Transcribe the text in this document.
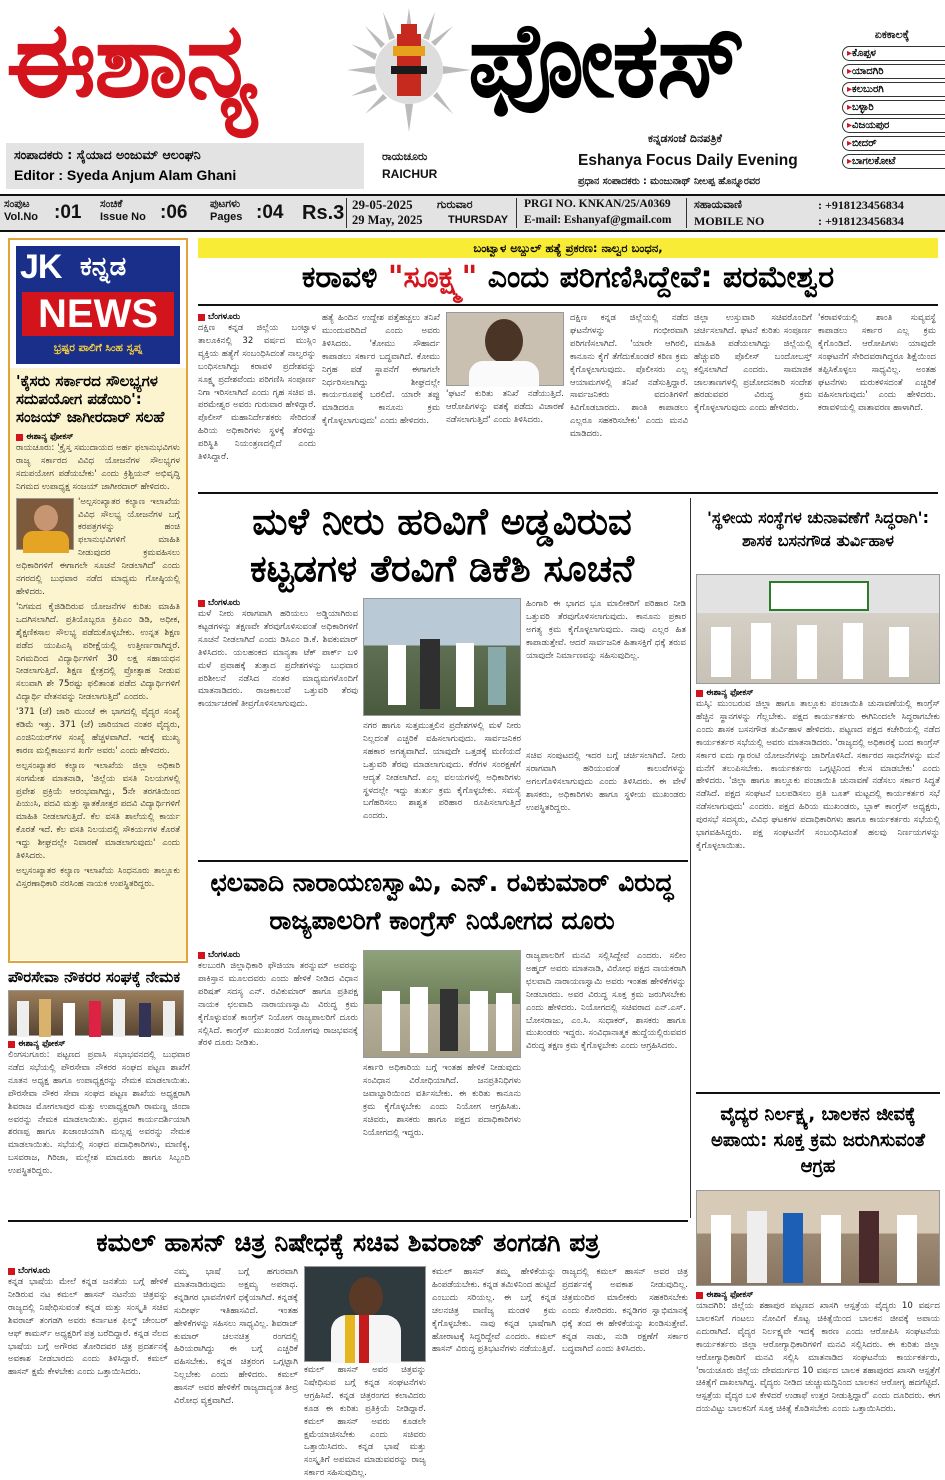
ಈಶಾನ್ಯ ಫೋಕಸ್	ಏಕಕಾಲಕ್ಕೆ
▸ ಕೊಪ್ಪಳ
▸ ಯಾದಗಿರಿ
▸ ಕಲಬುರಗಿ
▸ ಬಳ್ಳಾರಿ
▸ ವಿಜಯಪುರ
▸ ಬೀದರ್
▸ ಬಾಗಲಕೋಟೆ
ಸಂಪಾದಕರು : ಸೈಯಾದ ಅಂಜುಮ್ ಆಲಂಘನಿ
Editor : Syeda Anjum Alam Ghani
ರಾಯಚೂರು
RAICHUR
ಕನ್ನಡಸಂಜೆ ದಿನಪತ್ರಿಕೆ
Eshanya Focus Daily Evening
ಪ್ರಧಾನ ಸಂಪಾದಕರು : ಮಂಜುನಾಥ್ ನೀಲಪ್ಪ ಹೊನ್ನೂರವರ
ಸಂಪುಟ
Vol.No :01 ಸಂಚಿಕೆ
Issue No :06 ಪುಟಗಳು
Pages :04 Rs.3 29-05-2025 ಗುರುವಾರ
29 May, 2025 THURSDAY
PRGI NO. KNKAN/25/A0369
E-mail: Eshanyaf@gmail.com
ಸಹಾಯವಾಣಿ	: +918123456834
MOBILE NO	: +918123456834
JK ಕನ್ನಡ
NEWS
ಭ್ರಷ್ಟರ ಪಾಲಿಗೆ ಸಿಂಹ ಸ್ವಪ್ನ
'ಕೈಸರು ಸರ್ಕಾರದ ಸೌಲಭ್ಯಗಳ ಸದುಪಯೋಗ ಪಡೆಯಿರಿ': ಸಂಜಯ್ ಜಾಗೀರದಾರ್ ಸಲಹೆ
ಈಶಾನ್ಯ ಫೋಕಸ್

ರಾಯಚೂರು: 'ಕ್ರೈಸ್ತ ಸಮುದಾಯದ ಅರ್ಹ ಫಲಾನುಭವಿಗಳು ರಾಜ್ಯ ಸರ್ಕಾರದ ವಿವಿಧ ಯೋಜನೆಗಳ ಸೌಲಭ್ಯಗಳ ಸದುಪಯೋಗ ಪಡೆಯಬೇಕು' ಎಂದು ಕ್ರಿಶ್ಚಿಯನ್ ಅಭಿವೃದ್ಧಿ ನಿಗಮದ ಉಪಾಧ್ಯಕ್ಷ ಸಂಜಯ್ ಜಾಗೀರದಾರ್ ಹೇಳಿದರು.

'ಅಲ್ಪಸಂಖ್ಯಾತರ ಕಲ್ಯಾಣ ಇಲಾಖೆಯ ವಿವಿಧ ಸೌಲಭ್ಯ ಯೋಜನೆಗಳ ಬಗ್ಗೆ ಕರಪತ್ರಗಳನ್ನು ಹಂಚಿ ಫಲಾನುಭವಿಗಳಿಗೆ ಮಾಹಿತಿ ನೀಡುವುದರ ಕ್ರಮವಹಿಸಲು ಅಧಿಕಾರಿಗಳಿಗೆ ಈಗಾಗಲೇ ಸೂಚನೆ ನೀಡಲಾಗಿದೆ' ಎಂದು ನಗರದಲ್ಲಿ ಬುಧವಾರ ನಡೆದ ಮಾಧ್ಯಮ ಗೋಷ್ಠಿಯಲ್ಲಿ ಹೇಳಿದರು.

'ನಿಗಮದ ಕೈಜಿಡಿದಿರುವ ಯೋಜನೆಗಳ ಕುರಿತು ಮಾಹಿತಿ ಒದಗಿಸಲಾಗಿದೆ. ಪ್ರತಿಯೊಬ್ಬರೂ ಕ್ರಿಪಿಎಂ ಡಿಡಿ, ಅಧೀಕ, ಶೈಕ್ಷಣಿಕಸಾಲ ಸೌಲಭ್ಯ ಪಡೆದುಕೊಳ್ಳಬೇಕು. ಉನ್ನತ ಶಿಕ್ಷಣ ಪಡೆದ ಯುಪಿಎಸ್ಸಿ ಪರೀಕ್ಷೆಯಲ್ಲಿ ಉತ್ತೀರ್ಣರಾಗಿದ್ದರೆ. ನಿಗಮದಿಂದ ವಿದ್ಯಾರ್ಥಿಗಳಿಗೆ 30 ಲಕ್ಷ ಸಹಾಯಧನ ನೀಡಲಾಗುತ್ತಿದೆ. ಶಿಕ್ಷಣ ಕ್ಷೇತ್ರದಲ್ಲಿ ಪ್ರೋತ್ಸಾಹ ನೀಡುವ ಸಲುವಾಗಿ ಶೇ 75ರಷ್ಟು ಫಲಿತಾಂಶ ಪಡೆದ ವಿದ್ಯಾರ್ಥಿಗಳಿಗೆ ವಿದ್ಯಾರ್ಥಿ ವೇತನವನ್ನು ನೀಡಲಾಗುತ್ತಿದೆ' ಎಂದರು.

'371 (ಜೆ) ಜಾರಿ ಮುಂಚೆ ಈ ಭಾಗದಲ್ಲಿ ವೈದ್ಯರ ಸಂಖ್ಯೆ ಕಡಿಮೆ ಇತ್ತು. 371 (ಜೆ) ಜಾರಿಯಾದ ನಂತರ ವೈದ್ಯರು, ಎಂಜಿನಿಯರ್‌ಗಳ ಸಂಖ್ಯೆ ಹೆಚ್ಚಳವಾಗಿದೆ. ಇದಕ್ಕೆ ಮುಖ್ಯ ಕಾರಣ ಮಲ್ಲಿಕಾರ್ಜುನ ಖರ್ಗೆ ಅವರು' ಎಂದು ಹೇಳಿದರು.

ಅಲ್ಪಸಂಖ್ಯಾತರ ಕಲ್ಯಾಣ ಇಲಾಖೆಯ ಜಿಲ್ಲಾ ಅಧಿಕಾರಿ ಸಂಗಮೇಶ ಮಾತನಾಡಿ, 'ಜಿಲ್ಲೆಯ ವಸತಿ ನಿಲಯಗಳಲ್ಲಿ ಪ್ರವೇಶ ಪ್ರಕ್ರಿಯೆ ಆರಂಭವಾಗಿದ್ದು, 5ನೇ ತರಗತಿಯಿಂದ ಪಿಯುಸಿ, ಪದವಿ ಮತ್ತು ಸ್ನಾತಕೋತ್ತರ ಪದವಿ ವಿದ್ಯಾರ್ಥಿಗಳಿಗೆ ಮಾಹಿತಿ ನೀಡಲಾಗುತ್ತಿದೆ. ಕೆಲ ವಸತಿ ಶಾಲೆಯಲ್ಲಿ ಕಾರ್ಯ ಕೊರತೆ ಇದೆ. ಕೆಲ ವಸತಿ ನಿಲಯದಲ್ಲಿ ಸೌಕರ್ಯಗಳ ಕೊರತೆ ಇದ್ದು ಶೀಘ್ರದಲ್ಲೇ ನಿವಾರಣೆ ಮಾಡಲಾಗುವುದು' ಎಂದು ತಿಳಿಸಿದರು.

ಅಲ್ಪಸಂಖ್ಯಾತರ ಕಲ್ಯಾಣ ಇಲಾಖೆಯ ಸಿಂಧನೂರು ತಾಲ್ಲೂಕು ವಿಸ್ತರಣಾಧಿಕಾರಿ ನರಸಿಂಹ ನಾಯಕ ಉಪಸ್ಥಿತರಿದ್ದರು.

ಪೌರಸೇವಾ ನೌಕರರ ಸಂಘಕ್ಕೆ ನೇಮಕ
ಈಶಾನ್ಯ ಫೋಕಸ್

ಲಿಂಗಸುಗೂರು: ಪಟ್ಟಣದ ಪ್ರವಾಸಿ ಸಭಾಭವನದಲ್ಲಿ ಬುಧವಾರ ನಡೆದ ಸಭೆಯಲ್ಲಿ ಪೌರಸೇವಾ ನೌಕರರ ಸಂಘದ ಪಟ್ಟಣ ಶಾಖೆಗೆ ನೂತನ ಅಧ್ಯಕ್ಷ ಹಾಗೂ ಉಪಾಧ್ಯಕ್ಷರನ್ನು ನೇಮಕ ಮಾಡಲಾಯಿತು. ಪೌರಸೇವಾ ನೌಕರ ಸೇವಾ ಸಂಘದ ಪಟ್ಟಣ ಶಾಖೆಯ ಅಧ್ಯಕ್ಷರಾಗಿ ಶಿವರಾಜ ಮೋಗಲಾಪುರ ಮತ್ತು ಉಪಾಧ್ಯಕ್ಷರಾಗಿ ರಾಮಣ್ಣ ಜಿಂದಾ ಅವರನ್ನು ನೇಮಕ ಮಾಡಲಾಯಿತು. ಪ್ರಧಾನ ಕಾರ್ಯದರ್ಶಿಯಾಗಿ ಶರಣಪ್ಪ ಹಾಗೂ ಖಜಾಂಚಿಯಾಗಿ ಮಲ್ಲಪ್ಪ ಅವರನ್ನು ನೇಮಕ ಮಾಡಲಾಯಿತು. ಸಭೆಯಲ್ಲಿ ಸಂಘದ ಪದಾಧಿಕಾರಿಗಳು, ಮಾಣಿಕ್ಯ, ಬಸವರಾಜ, ಗಿರಿಜಾ, ಮಲ್ಲೇಶ ಮಾದೂರು ಹಾಗೂ ಸಿಬ್ಬಂದಿ ಉಪಸ್ಥಿತರಿದ್ದರು.

ಬಂಟ್ವಾಳ ಅಬ್ದುಲ್ ಹತ್ಯೆ ಪ್ರಕರಣ: ನಾಲ್ವರ ಬಂಧನ,
ಕರಾವಳಿ "ಸೂಕ್ಷ್ಮ" ಎಂದು ಪರಿಗಣಿಸಿದ್ದೇವೆ: ಪರಮೇಶ್ವರ
ಬೆಂಗಳೂರು

ದಕ್ಷಿಣ ಕನ್ನಡ ಜಿಲ್ಲೆಯ ಬಂಟ್ವಾಳ ತಾಲೂಕಿನಲ್ಲಿ 32 ವರ್ಷದ ಮುಸ್ಲಿಂ ವ್ಯಕ್ತಿಯ ಹತ್ಯೆಗೆ ಸಂಬಂಧಿಸಿದಂತೆ ನಾಲ್ವರನ್ನು ಬಂಧಿಸಲಾಗಿದ್ದು ಕರಾವಳಿ ಪ್ರದೇಶವನ್ನು ಸೂಕ್ಷ್ಮ ಪ್ರದೇಶವೆಂದು ಪರಿಗಣಿಸಿ ಸಂಪೂರ್ಣ ನಿಗಾ ಇರಿಸಲಾಗಿದೆ ಎಂದು ಗೃಹ ಸಚಿವ ಜಿ. ಪರಮೇಶ್ವರ ಅವರು ಗುರುವಾರ ಹೇಳಿದ್ದಾರೆ. ಪೊಲೀಸ್ ಮಹಾನಿರ್ದೇಶಕರು ಸೇರಿದಂತೆ ಹಿರಿಯ ಅಧಿಕಾರಿಗಳು ಸ್ಥಳಕ್ಕೆ ತೆರಳಿದ್ದು ಪರಿಸ್ಥಿತಿ ನಿಯಂತ್ರಣದಲ್ಲಿದೆ ಎಂದು ತಿಳಿಸಿದ್ದಾರೆ.

ಹತ್ಯೆ ಹಿಂದಿನ ಉದ್ದೇಶ ಪತ್ತೆಹಚ್ಚಲು ತನಿಖೆ ಮುಂದುವರಿದಿದೆ ಎಂದು ಅವರು ತಿಳಿಸಿದರು. 'ಕೋಮು ಸೌಹಾರ್ದ ಕಾಪಾಡಲು ಸರ್ಕಾರ ಬದ್ಧವಾಗಿದೆ. ಕೋಮು ನಿಗ್ರಹ ಪಡೆ ಸ್ಥಾಪನೆಗೆ ಈಗಾಗಲೇ ನಿರ್ಧರಿಸಲಾಗಿದ್ದು ಶೀಘ್ರದಲ್ಲೇ ಕಾರ್ಯರೂಪಕ್ಕೆ ಬರಲಿದೆ. ಯಾರೇ ತಪ್ಪು ಮಾಡಿದರೂ ಕಾನೂನು ಕ್ರಮ ಕೈಗೊಳ್ಳಲಾಗುವುದು' ಎಂದು ಹೇಳಿದರು.

'ಘಟನೆ ಕುರಿತು ತನಿಖೆ ನಡೆಯುತ್ತಿದೆ. ಆರೋಪಿಗಳನ್ನು ವಶಕ್ಕೆ ಪಡೆದು ವಿಚಾರಣೆ ನಡೆಸಲಾಗುತ್ತಿದೆ' ಎಂದು ತಿಳಿಸಿದರು.

ದಕ್ಷಿಣ ಕನ್ನಡ ಜಿಲ್ಲೆಯಲ್ಲಿ ನಡೆದ ಘಟನೆಗಳನ್ನು ಗಂಭೀರವಾಗಿ ಪರಿಗಣಿಸಲಾಗಿದೆ. 'ಯಾರೇ ಆಗಿರಲಿ, ಕಾನೂನು ಕೈಗೆ ತೆಗೆದುಕೊಂಡರೆ ಕಠಿಣ ಕ್ರಮ ಕೈಗೊಳ್ಳಲಾಗುವುದು. ಪೊಲೀಸರು ಎಲ್ಲ ಆಯಾಮಗಳಲ್ಲಿ ತನಿಖೆ ನಡೆಸುತ್ತಿದ್ದಾರೆ. ಸಾರ್ವಜನಿಕರು ವದಂತಿಗಳಿಗೆ ಕಿವಿಗೊಡಬಾರದು. ಶಾಂತಿ ಕಾಪಾಡಲು ಎಲ್ಲರೂ ಸಹಕರಿಸಬೇಕು' ಎಂದು ಮನವಿ ಮಾಡಿದರು.

ಜಿಲ್ಲಾ ಉಸ್ತುವಾರಿ ಸಚಿವರೊಂದಿಗೆ ಚರ್ಚಿಸಲಾಗಿದೆ. ಘಟನೆ ಕುರಿತು ಸಂಪೂರ್ಣ ಮಾಹಿತಿ ಪಡೆಯಲಾಗಿದ್ದು ಜಿಲ್ಲೆಯಲ್ಲಿ ಹೆಚ್ಚುವರಿ ಪೊಲೀಸ್ ಬಂದೋಬಸ್ತ್ ಕಲ್ಪಿಸಲಾಗಿದೆ ಎಂದರು. ಸಾಮಾಜಿಕ ಜಾಲತಾಣಗಳಲ್ಲಿ ಪ್ರಚೋದನಕಾರಿ ಸಂದೇಶ ಹರಡುವವರ ವಿರುದ್ಧ ಕ್ರಮ ಕೈಗೊಳ್ಳಲಾಗುವುದು ಎಂದು ಹೇಳಿದರು.

'ಕರಾವಳಿಯಲ್ಲಿ ಶಾಂತಿ ಸುವ್ಯವಸ್ಥೆ ಕಾಪಾಡಲು ಸರ್ಕಾರ ಎಲ್ಲ ಕ್ರಮ ಕೈಗೊಂಡಿದೆ. ಆರೋಪಿಗಳು ಯಾವುದೇ ಸಂಘಟನೆಗೆ ಸೇರಿದವರಾಗಿದ್ದರೂ ಶಿಕ್ಷೆಯಿಂದ ತಪ್ಪಿಸಿಕೊಳ್ಳಲು ಸಾಧ್ಯವಿಲ್ಲ. ಅಂತಹ ಘಟನೆಗಳು ಮರುಕಳಿಸದಂತೆ ಎಚ್ಚರಿಕೆ ವಹಿಸಲಾಗುವುದು' ಎಂದು ಹೇಳಿದರು. ಕರಾವಳಿಯಲ್ಲಿ ವಾತಾವರಣ ಹಾಳಾಗಿದೆ.

ಮಳೆ ನೀರು ಹರಿವಿಗೆ ಅಡ್ಡವಿರುವ ಕಟ್ಟಡಗಳ ತೆರವಿಗೆ ಡಿಕೆಶಿ ಸೂಚನೆ
ಬೆಂಗಳೂರು

ಮಳೆ ನೀರು ಸರಾಗವಾಗಿ ಹರಿಯಲು ಅಡ್ಡಿಯಾಗಿರುವ ಕಟ್ಟಡಗಳನ್ನು ತಕ್ಷಣವೇ ತೆರವುಗೊಳಿಸುವಂತೆ ಅಧಿಕಾರಿಗಳಿಗೆ ಸೂಚನೆ ನೀಡಲಾಗಿದೆ ಎಂದು ಡಿಸಿಎಂ ಡಿ.ಕೆ. ಶಿವಕುಮಾರ್ ತಿಳಿಸಿದರು. ಯಲಹಂಕದ ಮಾನ್ಯತಾ ಟೆಕ್ ಪಾರ್ಕ್ ಬಳಿ ಮಳೆ ಪ್ರವಾಹಕ್ಕೆ ತುತ್ತಾದ ಪ್ರದೇಶಗಳನ್ನು ಬುಧವಾರ ಪರಿಶೀಲನೆ ನಡೆಸಿದ ನಂತರ ಮಾಧ್ಯಮಗಳೊಂದಿಗೆ ಮಾತನಾಡಿದರು. ರಾಜಕಾಲುವೆ ಒತ್ತುವರಿ ತೆರವು ಕಾರ್ಯಾಚರಣೆ ತೀವ್ರಗೊಳಿಸಲಾಗುವುದು.

ನಗರ ಹಾಗೂ ಸುತ್ತಮುತ್ತಲಿನ ಪ್ರದೇಶಗಳಲ್ಲಿ ಮಳೆ ನೀರು ನಿಲ್ಲದಂತೆ ಎಚ್ಚರಿಕೆ ವಹಿಸಲಾಗುವುದು. ಸಾರ್ವಜನಿಕರ ಸಹಕಾರ ಅಗತ್ಯವಾಗಿದೆ. ಯಾವುದೇ ಒತ್ತಡಕ್ಕೆ ಮಣಿಯದೆ ಒತ್ತುವರಿ ತೆರವು ಮಾಡಲಾಗುವುದು. ಕೆರೆಗಳ ಸಂರಕ್ಷಣೆಗೆ ಆದ್ಯತೆ ನೀಡಲಾಗಿದೆ. ಎಲ್ಲ ವಲಯಗಳಲ್ಲಿ ಅಧಿಕಾರಿಗಳು ಸ್ಥಳದಲ್ಲೇ ಇದ್ದು ತುರ್ತು ಕ್ರಮ ಕೈಗೊಳ್ಳಬೇಕು. ಸಮಸ್ಯೆ ಬಗೆಹರಿಸಲು ಶಾಶ್ವತ ಪರಿಹಾರ ರೂಪಿಸಲಾಗುತ್ತಿದೆ ಎಂದರು.

ಹಿಂಗಾರಿ ಈ ಭಾಗದ ಭೂ ಮಾಲೀಕರಿಗೆ ಪರಿಹಾರ ನೀಡಿ ಒತ್ತುವರಿ ತೆರವುಗೊಳಿಸಲಾಗುವುದು. ಕಾನೂನು ಪ್ರಕಾರ ಅಗತ್ಯ ಕ್ರಮ ಕೈಗೊಳ್ಳಲಾಗುವುದು. ನಾವು ಎಲ್ಲರ ಹಿತ ಕಾಪಾಡುತ್ತೇವೆ. ಆದರೆ ಸಾರ್ವಜನಿಕ ಹಿತಾಸಕ್ತಿಗೆ ಧಕ್ಕೆ ತರುವ ಯಾವುದೇ ನಿರ್ಮಾಣವನ್ನು ಸಹಿಸುವುದಿಲ್ಲ.

ಸಚಿವ ಸಂಪುಟದಲ್ಲಿ ಇದರ ಬಗ್ಗೆ ಚರ್ಚಿಸಲಾಗಿದೆ. ನೀರು ಸರಾಗವಾಗಿ ಹರಿಯುವಂತೆ ಕಾಲುವೆಗಳನ್ನು ಅಗಲಗೊಳಿಸಲಾಗುವುದು ಎಂದು ತಿಳಿಸಿದರು. ಈ ವೇಳೆ ಶಾಸಕರು, ಅಧಿಕಾರಿಗಳು ಹಾಗೂ ಸ್ಥಳೀಯ ಮುಖಂಡರು ಉಪಸ್ಥಿತರಿದ್ದರು.

'ಸ್ಥಳೀಯ ಸಂಸ್ಥೆಗಳ ಚುನಾವಣೆಗೆ ಸಿದ್ಧರಾಗಿ': ಶಾಸಕ ಬಸನಗೌಡ ತುರ್ವಿಹಾಳ
ಈಶಾನ್ಯ ಫೋಕಸ್

ಮಸ್ಕಿ: ಮುಂಬರುವ ಜಿಲ್ಲಾ ಹಾಗೂ ತಾಲ್ಲೂಕು ಪಂಚಾಯಿತಿ ಚುನಾವಣೆಯಲ್ಲಿ ಕಾಂಗ್ರೆಸ್ ಹೆಚ್ಚಿನ ಸ್ಥಾನಗಳನ್ನು ಗೆಲ್ಲಬೇಕು. ಪಕ್ಷದ ಕಾರ್ಯಕರ್ತರು ಈಗಿನಿಂದಲೇ ಸಿದ್ಧರಾಗಬೇಕು ಎಂದು ಶಾಸಕ ಬಸನಗೌಡ ತುರ್ವಿಹಾಳ ಹೇಳಿದರು. ಪಟ್ಟಣದ ಪಕ್ಷದ ಕಚೇರಿಯಲ್ಲಿ ನಡೆದ ಕಾರ್ಯಕರ್ತರ ಸಭೆಯಲ್ಲಿ ಅವರು ಮಾತನಾಡಿದರು. 'ರಾಜ್ಯದಲ್ಲಿ ಅಧಿಕಾರಕ್ಕೆ ಬಂದ ಕಾಂಗ್ರೆಸ್ ಸರ್ಕಾರ ಐದು ಗ್ಯಾರಂಟಿ ಯೋಜನೆಗಳನ್ನು ಜಾರಿಗೊಳಿಸಿದೆ. ಸರ್ಕಾರದ ಸಾಧನೆಗಳನ್ನು ಮನೆ ಮನೆಗೆ ತಲುಪಿಸಬೇಕು. ಕಾರ್ಯಕರ್ತರು ಒಗ್ಗಟ್ಟಿನಿಂದ ಕೆಲಸ ಮಾಡಬೇಕು' ಎಂದು ಹೇಳಿದರು. 'ಜಿಲ್ಲಾ ಹಾಗೂ ತಾಲ್ಲೂಕು ಪಂಚಾಯಿತಿ ಚುನಾವಣೆ ನಡೆಸಲು ಸರ್ಕಾರ ಸಿದ್ಧತೆ ನಡೆಸಿದೆ. ಪಕ್ಷದ ಸಂಘಟನೆ ಬಲಪಡಿಸಲು ಪ್ರತಿ ಬೂತ್ ಮಟ್ಟದಲ್ಲಿ ಕಾರ್ಯಕರ್ತರ ಸಭೆ ನಡೆಸಲಾಗುವುದು' ಎಂದರು. ಪಕ್ಷದ ಹಿರಿಯ ಮುಖಂಡರು, ಬ್ಲಾಕ್ ಕಾಂಗ್ರೆಸ್ ಅಧ್ಯಕ್ಷರು, ಪುರಸಭೆ ಸದಸ್ಯರು, ವಿವಿಧ ಘಟಕಗಳ ಪದಾಧಿಕಾರಿಗಳು ಹಾಗೂ ಕಾರ್ಯಕರ್ತರು ಸಭೆಯಲ್ಲಿ ಭಾಗವಹಿಸಿದ್ದರು. ಪಕ್ಷ ಸಂಘಟನೆಗೆ ಸಂಬಂಧಿಸಿದಂತೆ ಹಲವು ನಿರ್ಣಯಗಳನ್ನು ಕೈಗೊಳ್ಳಲಾಯಿತು.

ಛಲವಾದಿ ನಾರಾಯಣಸ್ವಾಮಿ, ಎನ್. ರವಿಕುಮಾರ್ ವಿರುದ್ಧ ರಾಜ್ಯಪಾಲರಿಗೆ ಕಾಂಗ್ರೆಸ್ ನಿಯೋಗದ ದೂರು
ಬೆಂಗಳೂರು

ಕಲಬುರಗಿ ಜಿಲ್ಲಾಧಿಕಾರಿ ಫೌಜಿಯಾ ತರನ್ನುಮ್ ಅವರನ್ನು ಪಾಕಿಸ್ತಾನ ಮೂಲದವರು ಎಂದು ಹೇಳಿಕೆ ನೀಡಿದ ವಿಧಾನ ಪರಿಷತ್ ಸದಸ್ಯ ಎನ್. ರವಿಕುಮಾರ್ ಹಾಗೂ ಪ್ರತಿಪಕ್ಷ ನಾಯಕ ಛಲವಾದಿ ನಾರಾಯಣಸ್ವಾಮಿ ವಿರುದ್ಧ ಕ್ರಮ ಕೈಗೊಳ್ಳುವಂತೆ ಕಾಂಗ್ರೆಸ್ ನಿಯೋಗ ರಾಜ್ಯಪಾಲರಿಗೆ ದೂರು ಸಲ್ಲಿಸಿದೆ. ಕಾಂಗ್ರೆಸ್ ಮುಖಂಡರ ನಿಯೋಗವು ರಾಜಭವನಕ್ಕೆ ತೆರಳಿ ದೂರು ನೀಡಿತು.

ಸರ್ಕಾರಿ ಅಧಿಕಾರಿಯ ಬಗ್ಗೆ ಇಂತಹ ಹೇಳಿಕೆ ನೀಡುವುದು ಸಂವಿಧಾನ ವಿರೋಧಿಯಾಗಿದೆ. ಜನಪ್ರತಿನಿಧಿಗಳು ಜವಾಬ್ದಾರಿಯಿಂದ ವರ್ತಿಸಬೇಕು. ಈ ಕುರಿತು ಕಾನೂನು ಕ್ರಮ ಕೈಗೊಳ್ಳಬೇಕು ಎಂದು ನಿಯೋಗ ಆಗ್ರಹಿಸಿತು. ಸಚಿವರು, ಶಾಸಕರು ಹಾಗೂ ಪಕ್ಷದ ಪದಾಧಿಕಾರಿಗಳು ನಿಯೋಗದಲ್ಲಿ ಇದ್ದರು.

ರಾಜ್ಯಪಾಲರಿಗೆ ಮನವಿ ಸಲ್ಲಿಸಿದ್ದೇವೆ ಎಂದರು. ಸಲೀಂ ಅಹ್ಮದ್ ಅವರು ಮಾತನಾಡಿ, ವಿರೋಧ ಪಕ್ಷದ ನಾಯಕರಾಗಿ ಛಲವಾದಿ ನಾರಾಯಣಸ್ವಾಮಿ ಅವರು ಇಂತಹ ಹೇಳಿಕೆಗಳನ್ನು ನೀಡಬಾರದು. ಅವರ ವಿರುದ್ಧ ಸೂಕ್ತ ಕ್ರಮ ಜರುಗಿಸಬೇಕು ಎಂದು ಹೇಳಿದರು. ನಿಯೋಗದಲ್ಲಿ ಸಚಿವರಾದ ಎನ್.ಎಸ್. ಬೋಸರಾಜು, ಎಂ.ಸಿ. ಸುಧಾಕರ್, ಶಾಸಕರು ಹಾಗೂ ಮುಖಂಡರು ಇದ್ದರು. ಸಂವಿಧಾನಾತ್ಮಕ ಹುದ್ದೆಯಲ್ಲಿರುವವರ ವಿರುದ್ಧ ತಕ್ಷಣ ಕ್ರಮ ಕೈಗೊಳ್ಳಬೇಕು ಎಂದು ಆಗ್ರಹಿಸಿದರು.

ವೈದ್ಯರ ನಿರ್ಲಕ್ಷ್ಯ, ಬಾಲಕನ ಜೀವಕ್ಕೆ ಅಪಾಯ: ಸೂಕ್ತ ಕ್ರಮ ಜರುಗಿಸುವಂತೆ ಆಗ್ರಹ
ಈಶಾನ್ಯ ಫೋಕಸ್

ಯಾದಗಿರಿ: ಜಿಲ್ಲೆಯ ಶಹಾಪುರ ಪಟ್ಟಣದ ಖಾಸಗಿ ಆಸ್ಪತ್ರೆಯ ವೈದ್ಯರು 10 ವರ್ಷದ ಬಾಲಕನಿಗೆ ಗಂಟಲು ನೋವಿಗೆ ಕೊಟ್ಟ ಚಿಕಿತ್ಸೆಯಿಂದ ಬಾಲಕನ ಜೀವಕ್ಕೆ ಅಪಾಯ ಎದುರಾಗಿದೆ. ವೈದ್ಯರ ನಿರ್ಲಕ್ಷ್ಯವೇ ಇದಕ್ಕೆ ಕಾರಣ ಎಂದು ಆರೋಪಿಸಿ ಸಂಘಟನೆಯ ಕಾರ್ಯಕರ್ತರು ಜಿಲ್ಲಾ ಆರೋಗ್ಯಾಧಿಕಾರಿಗಳಿಗೆ ಮನವಿ ಸಲ್ಲಿಸಿದರು. ಈ ಕುರಿತು ಜಿಲ್ಲಾ ಆರೋಗ್ಯಾಧಿಕಾರಿಗೆ ಮನವಿ ಸಲ್ಲಿಸಿ ಮಾತನಾಡಿದ ಸಂಘಟನೆಯ ಕಾರ್ಯಕರ್ತರು, 'ರಾಯಚೂರು ಜಿಲ್ಲೆಯ ದೇವದುರ್ಗದ 10 ವರ್ಷದ ಬಾಲಕ ಶಹಾಪುರದ ಖಾಸಗಿ ಆಸ್ಪತ್ರೆಗೆ ಚಿಕಿತ್ಸೆಗೆ ದಾಖಲಾಗಿದ್ದ. ವೈದ್ಯರು ನೀಡಿದ ಚುಚ್ಚುಮದ್ದಿನಿಂದ ಬಾಲಕನ ಆರೋಗ್ಯ ಹದಗೆಟ್ಟಿದೆ. ಆಸ್ಪತ್ರೆಯ ವೈದ್ಯರ ಬಳಿ ಕೇಳಿದರೆ ಉಡಾಫೆ ಉತ್ತರ ನೀಡುತ್ತಿದ್ದಾರೆ' ಎಂದು ದೂರಿದರು. ಈಗ ದಯವಿಟ್ಟು ಬಾಲಕನಿಗೆ ಸೂಕ್ತ ಚಿಕಿತ್ಸೆ ಕೊಡಿಸಬೇಕು ಎಂದು ಒತ್ತಾಯಿಸಿದರು.

ಕಮಲ್ ಹಾಸನ್ ಚಿತ್ರ ನಿಷೇಧಕ್ಕೆ ಸಚಿವ ಶಿವರಾಜ್ ತಂಗಡಗಿ ಪತ್ರ
ಬೆಂಗಳೂರು

ಕನ್ನಡ ಭಾಷೆಯ ಮೇಲೆ ಕನ್ನಡ ಜನತೆಯ ಬಗ್ಗೆ ಹೇಳಿಕೆ ನೀಡಿರುವ ನಟ ಕಮಲ್ ಹಾಸನ್ ನಟನೆಯ ಚಿತ್ರವನ್ನು ರಾಜ್ಯದಲ್ಲಿ ನಿಷೇಧಿಸುವಂತೆ ಕನ್ನಡ ಮತ್ತು ಸಂಸ್ಕೃತಿ ಸಚಿವ ಶಿವರಾಜ್ ತಂಗಡಗಿ ಅವರು ಕರ್ನಾಟಕ ಫಿಲ್ಮ್ ಚೇಂಬರ್ ಆಫ್ ಕಾಮರ್ಸ್ ಅಧ್ಯಕ್ಷರಿಗೆ ಪತ್ರ ಬರೆದಿದ್ದಾರೆ. ಕನ್ನಡ ನೆಲದ ಭಾಷೆಯ ಬಗ್ಗೆ ಅಗೌರವ ತೋರಿದವರ ಚಿತ್ರ ಪ್ರದರ್ಶನಕ್ಕೆ ಅವಕಾಶ ನೀಡಬಾರದು ಎಂದು ತಿಳಿಸಿದ್ದಾರೆ. ಕಮಲ್ ಹಾಸನ್ ಕ್ಷಮೆ ಕೇಳಬೇಕು ಎಂದು ಒತ್ತಾಯಿಸಿದರು.

ನಮ್ಮ ಭಾಷೆ ಬಗ್ಗೆ ಹಗುರವಾಗಿ ಮಾತನಾಡಿರುವುದು ಅಕ್ಷಮ್ಯ ಅಪರಾಧ. ಕನ್ನಡಿಗರ ಭಾವನೆಗಳಿಗೆ ಧಕ್ಕೆಯಾಗಿದೆ. ಕನ್ನಡಕ್ಕೆ ಸುದೀರ್ಘ ಇತಿಹಾಸವಿದೆ. ಇಂತಹ ಹೇಳಿಕೆಗಳನ್ನು ಸಹಿಸಲು ಸಾಧ್ಯವಿಲ್ಲ. ಶಿವರಾಜ್ ಕುಮಾರ್ ಚಲನಚಿತ್ರ ರಂಗದಲ್ಲಿ ಹಿರಿಯರಾಗಿದ್ದು ಈ ಬಗ್ಗೆ ಎಚ್ಚರಿಕೆ ವಹಿಸಬೇಕು. ಕನ್ನಡ ಚಿತ್ರರಂಗ ಒಗ್ಗಟ್ಟಾಗಿ ನಿಲ್ಲಬೇಕು ಎಂದು ಹೇಳಿದರು. ಕಮಲ್ ಹಾಸನ್ ಅವರ ಹೇಳಿಕೆಗೆ ರಾಜ್ಯದಾದ್ಯಂತ ತೀವ್ರ ವಿರೋಧ ವ್ಯಕ್ತವಾಗಿದೆ.

ಕಮಲ್ ಹಾಸನ್ ಅವರ ಚಿತ್ರವನ್ನು ನಿಷೇಧಿಸುವ ಬಗ್ಗೆ ಕನ್ನಡ ಸಂಘಟನೆಗಳು ಆಗ್ರಹಿಸಿವೆ. ಕನ್ನಡ ಚಿತ್ರರಂಗದ ಕಲಾವಿದರು ಕೂಡ ಈ ಕುರಿತು ಪ್ರತಿಕ್ರಿಯೆ ನೀಡಿದ್ದಾರೆ. ಕಮಲ್ ಹಾಸನ್ ಅವರು ಕೂಡಲೇ ಕ್ಷಮೆಯಾಚಿಸಬೇಕು ಎಂದು ಸಚಿವರು ಒತ್ತಾಯಿಸಿದರು. ಕನ್ನಡ ಭಾಷೆ ಮತ್ತು ಸಂಸ್ಕೃತಿಗೆ ಅಪಮಾನ ಮಾಡುವವರನ್ನು ರಾಜ್ಯ ಸರ್ಕಾರ ಸಹಿಸುವುದಿಲ್ಲ.

ಕಮಲ್ ಹಾಸನ್ ತಮ್ಮ ಹೇಳಿಕೆಯನ್ನು ಹಿಂಪಡೆಯಬೇಕು. ಕನ್ನಡ ತಮಿಳಿನಿಂದ ಹುಟ್ಟಿದೆ ಎಂಬುದು ಸರಿಯಲ್ಲ. ಈ ಬಗ್ಗೆ ಕನ್ನಡ ಚಲನಚಿತ್ರ ವಾಣಿಜ್ಯ ಮಂಡಳಿ ಕ್ರಮ ಕೈಗೊಳ್ಳಬೇಕು. ನಾವು ಕನ್ನಡ ಭಾಷೆಗಾಗಿ ಹೋರಾಟಕ್ಕೆ ಸಿದ್ಧರಿದ್ದೇವೆ ಎಂದರು. ಕಮಲ್ ಹಾಸನ್ ವಿರುದ್ಧ ಪ್ರತಿಭಟನೆಗಳು ನಡೆಯುತ್ತಿವೆ.

ರಾಜ್ಯದಲ್ಲಿ ಕಮಲ್ ಹಾಸನ್ ಅವರ ಚಿತ್ರ ಪ್ರದರ್ಶನಕ್ಕೆ ಅವಕಾಶ ನೀಡುವುದಿಲ್ಲ. ಚಿತ್ರಮಂದಿರ ಮಾಲೀಕರು ಸಹಕರಿಸಬೇಕು ಎಂದು ಕೋರಿದರು. ಕನ್ನಡಿಗರ ಸ್ವಾಭಿಮಾನಕ್ಕೆ ಧಕ್ಕೆ ತಂದ ಈ ಹೇಳಿಕೆಯನ್ನು ಖಂಡಿಸುತ್ತೇವೆ. ಕನ್ನಡ ನಾಡು, ನುಡಿ ರಕ್ಷಣೆಗೆ ಸರ್ಕಾರ ಬದ್ಧವಾಗಿದೆ ಎಂದು ತಿಳಿಸಿದರು.
